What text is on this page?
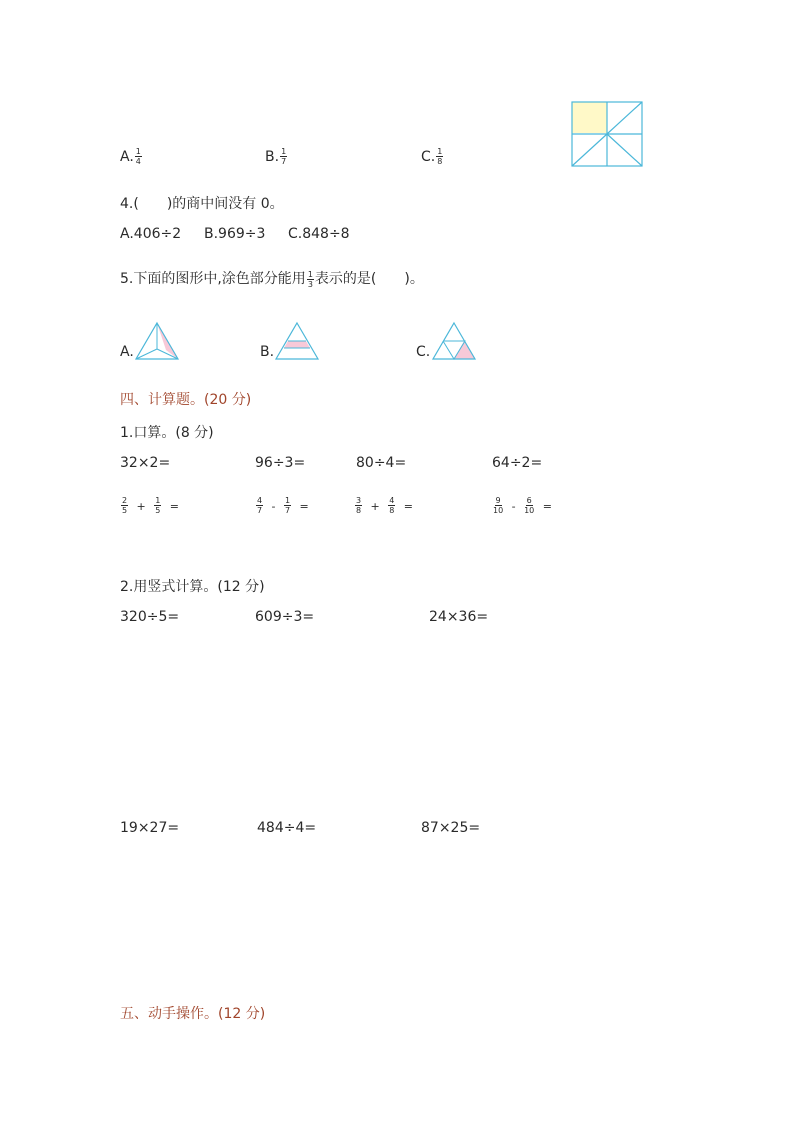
A. $\frac{1}{4}$	B. $\frac{1}{7}$	C. $\frac{1}{8}$
4.(　　)的商中间没有 0。
A.406÷2 B.969÷3 C.848÷8
5.下面的图形中,涂色部分能用 $\frac{1}{3}$ 表示的是(　　)。
A.	B.	C.
四、计算题。(20 分)
1.口算。(8 分)
32×2=	96÷3=	80÷4=	64÷2=
$\frac{2}{5} + \frac{1}{5}$ =	$\frac{4}{7} - \frac{1}{7}$ =	$\frac{3}{8} + \frac{4}{8}$ =	$\frac{9}{10} - \frac{6}{10}$ =
2.用竖式计算。(12 分)
320÷5=	609÷3=	24×36=
19×27=	484÷4=	87×25=
五、动手操作。(12 分)
